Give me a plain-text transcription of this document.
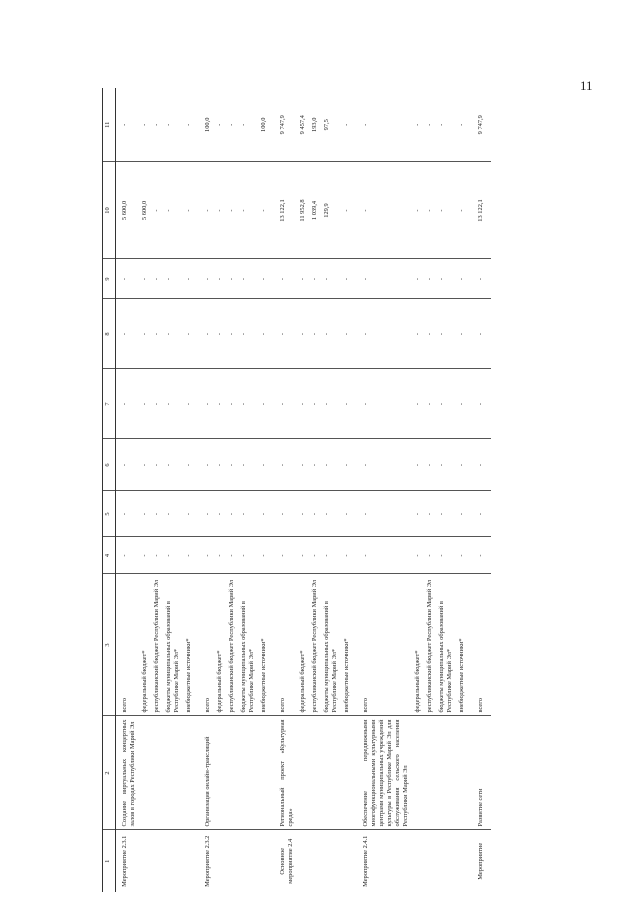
11
1	2	3	4	5	6	7	8	9	10	11
Мероприятие 2.3.1	Создание виртуальных концертных залов в городах Республики Марий Эл	всего	-	-	-	-	-	-	5 600,0	-
		федеральный бюджет*	-	-	-	-	-	-	5 600,0	-
		республиканский бюджет Республики Марий Эл	-	-	-	-	-	-	-	-
		бюджеты муниципальных образований в Республике Марий Эл*	-	-	-	-	-	-	-	-
		внебюджетные источники*	-	-	-	-	-	-	-	-
Мероприятие 2.3.2	Организация онлайн-трансляций	всего	-	-	-	-	-	-	-	100,0
		федеральный бюджет*	-	-	-	-	-	-	-	-
		республиканский бюджет Республики Марий Эл	-	-	-	-	-	-	-	-
		бюджеты муниципальных образований в Республике Марий Эл*	-	-	-	-	-	-	-	-
		внебюджетные источники*	-	-	-	-	-	-	-	100,0
Основное мероприятие 2.4	Региональный проект «Культурная среда»	всего	-	-	-	-	-	-	13 122,1	9 747,9
		федеральный бюджет*	-	-	-	-	-	-	11 952,8	9 457,4
		республиканский бюджет Республики Марий Эл	-	-	-	-	-	-	1 039,4	193,0
		бюджеты муниципальных образований в Республике Марий Эл*	-	-	-	-	-	-	129,9	97,5
		внебюджетные источники*	-	-	-	-	-	-	-	-
Мероприятие 2.4.1	Обеспечение передвижными многофункциональными культурными центрами муниципальных учреждений культуры в Республике Марий Эл для обслуживания сельского населения Республики Марий Эл	всего	-	-	-	-	-	-	-	-
		федеральный бюджет*	-	-	-	-	-	-	-	-
		республиканский бюджет Республики Марий Эл	-	-	-	-	-	-	-	-
		бюджеты муниципальных образований в Республике Марий Эл*	-	-	-	-	-	-	-	-
		внебюджетные источники*	-	-	-	-	-	-	-	-
Мероприятие	Развитие сети	всего	-	-	-	-	-	-	13 122,1	9 747,9
